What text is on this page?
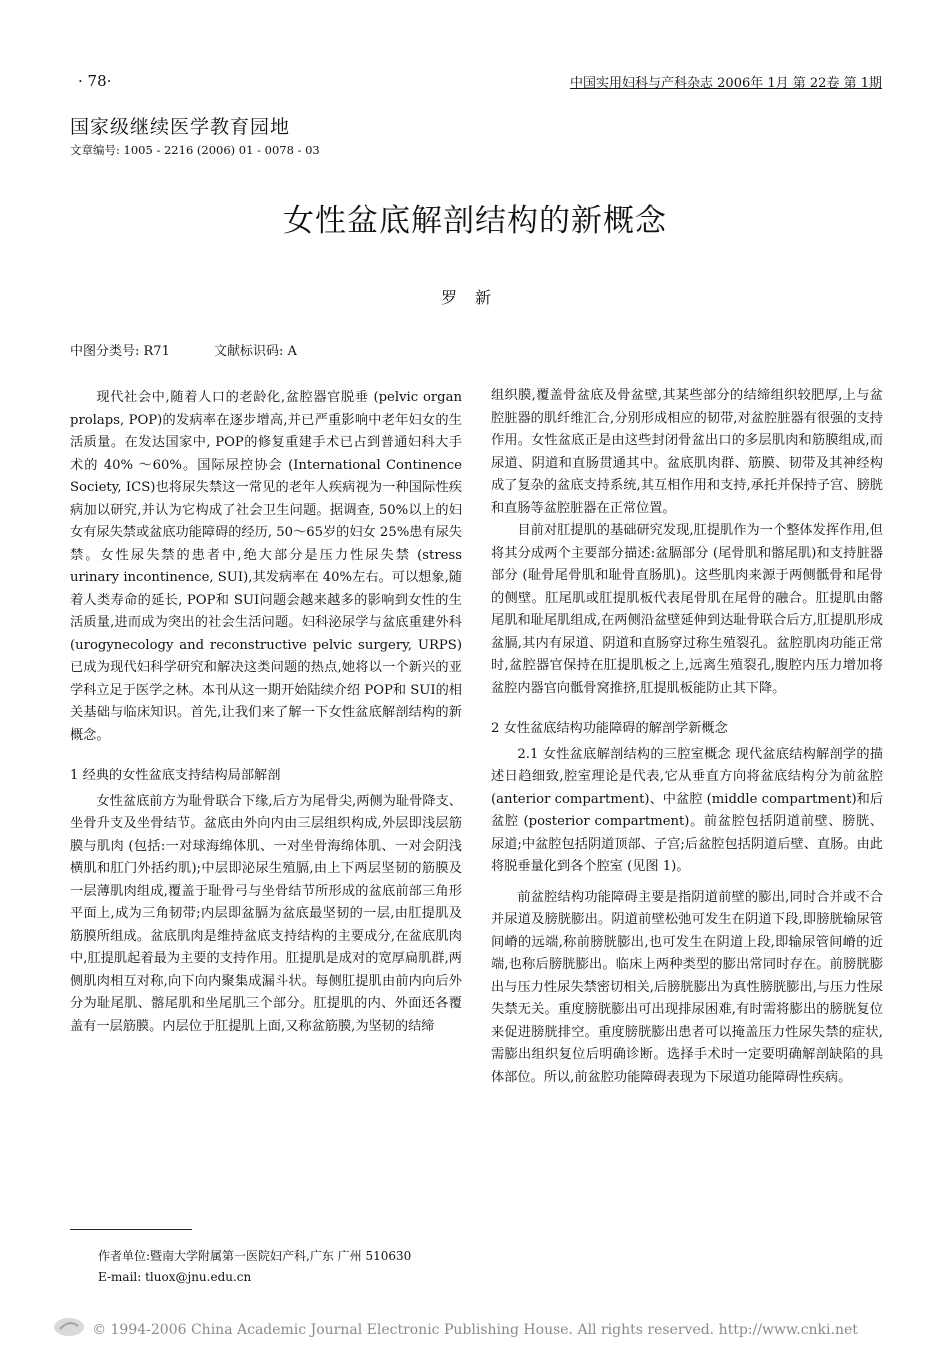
· 78·	中国实用妇科与产科杂志 2006年 1月 第 22卷 第 1期
国家级继续医学教育园地
文章编号: 1005 - 2216 (2006) 01 - 0078 - 03
女性盆底解剖结构的新概念
罗新
中图分类号: R71	文献标识码: A

现代社会中,随着人口的老龄化,盆腔器官脱垂 (pelvic organ prolaps, POP)的发病率在逐步增高,并已严重影响中老年妇女的生活质量。在发达国家中, POP的修复重建手术已占到普通妇科大手术的 40% ～60%。国际尿控协会 (International Continence Society, ICS)也将尿失禁这一常见的老年人疾病视为一种国际性疾病加以研究,并认为它构成了社会卫生问题。据调查, 50%以上的妇女有尿失禁或盆底功能障碍的经历, 50～65岁的妇女 25%患有尿失禁。女性尿失禁的患者中,绝大部分是压力性尿失禁 (stress urinary incontinence, SUI),其发病率在 40%左右。可以想象,随着人类寿命的延长, POP和 SUI问题会越来越多的影响到女性的生活质量,进而成为突出的社会生活问题。妇科泌尿学与盆底重建外科 (urogynecology and reconstructive pelvic surgery, URPS)已成为现代妇科学研究和解决这类问题的热点,她将以一个新兴的亚学科立足于医学之林。本刊从这一期开始陆续介绍 POP和 SUI的相关基础与临床知识。首先,让我们来了解一下女性盆底解剖结构的新概念。

1 经典的女性盆底支持结构局部解剖

女性盆底前方为耻骨联合下缘,后方为尾骨尖,两侧为耻骨降支、坐骨升支及坐骨结节。盆底由外向内由三层组织构成,外层即浅层筋膜与肌肉 (包括:一对球海绵体肌、一对坐骨海绵体肌、一对会阴浅横肌和肛门外括约肌);中层即泌尿生殖膈,由上下两层坚韧的筋膜及一层薄肌肉组成,覆盖于耻骨弓与坐骨结节所形成的盆底前部三角形平面上,成为三角韧带;内层即盆膈为盆底最坚韧的一层,由肛提肌及筋膜所组成。盆底肌肉是维持盆底支持结构的主要成分,在盆底肌肉中,肛提肌起着最为主要的支持作用。肛提肌是成对的宽厚扁肌群,两侧肌肉相互对称,向下向内聚集成漏斗状。每侧肛提肌由前内向后外分为耻尾肌、髂尾肌和坐尾肌三个部分。肛提肌的内、外面还各覆盖有一层筋膜。内层位于肛提肌上面,又称盆筋膜,为坚韧的结缔

组织膜,覆盖骨盆底及骨盆壁,其某些部分的结缔组织较肥厚,上与盆腔脏器的肌纤维汇合,分别形成相应的韧带,对盆腔脏器有很强的支持作用。女性盆底正是由这些封闭骨盆出口的多层肌肉和筋膜组成,而尿道、阴道和直肠贯通其中。盆底肌肉群、筋膜、韧带及其神经构成了复杂的盆底支持系统,其互相作用和支持,承托并保持子宫、膀胱和直肠等盆腔脏器在正常位置。

目前对肛提肌的基础研究发现,肛提肌作为一个整体发挥作用,但将其分成两个主要部分描述:盆膈部分 (尾骨肌和髂尾肌)和支持脏器部分 (耻骨尾骨肌和耻骨直肠肌)。这些肌肉来源于两侧骶骨和尾骨的侧壁。肛尾肌或肛提肌板代表尾骨肌在尾骨的融合。肛提肌由髂尾肌和耻尾肌组成,在两侧沿盆壁延伸到达耻骨联合后方,肛提肌形成盆膈,其内有尿道、阴道和直肠穿过称生殖裂孔。盆腔肌肉功能正常时,盆腔器官保持在肛提肌板之上,远离生殖裂孔,腹腔内压力增加将盆腔内器官向骶骨窝推挤,肛提肌板能防止其下降。

2 女性盆底结构功能障碍的解剖学新概念

2.1 女性盆底解剖结构的三腔室概念 现代盆底结构解剖学的描述日趋细致,腔室理论是代表,它从垂直方向将盆底结构分为前盆腔 (anterior compartment)、中盆腔 (middle compartment)和后盆腔 (posterior compartment)。前盆腔包括阴道前壁、膀胱、尿道;中盆腔包括阴道顶部、子宫;后盆腔包括阴道后壁、直肠。由此将脱垂量化到各个腔室 (见图 1)。

前盆腔结构功能障碍主要是指阴道前壁的膨出,同时合并或不合并尿道及膀胱膨出。阴道前壁松弛可发生在阴道下段,即膀胱输尿管间嵴的远端,称前膀胱膨出,也可发生在阴道上段,即输尿管间嵴的近端,也称后膀胱膨出。临床上两种类型的膨出常同时存在。前膀胱膨出与压力性尿失禁密切相关,后膀胱膨出为真性膀胱膨出,与压力性尿失禁无关。重度膀胱膨出可出现排尿困难,有时需将膨出的膀胱复位来促进膀胱排空。重度膀胱膨出患者可以掩盖压力性尿失禁的症状,需膨出组织复位后明确诊断。选择手术时一定要明确解剖缺陷的具体部位。所以,前盆腔功能障碍表现为下尿道功能障碍性疾病。

作者单位:暨南大学附属第一医院妇产科,广东 广州 510630
E-mail: tluox@jnu.edu.cn
© 1994-2006 China Academic Journal Electronic Publishing House. All rights reserved. http://www.cnki.net
